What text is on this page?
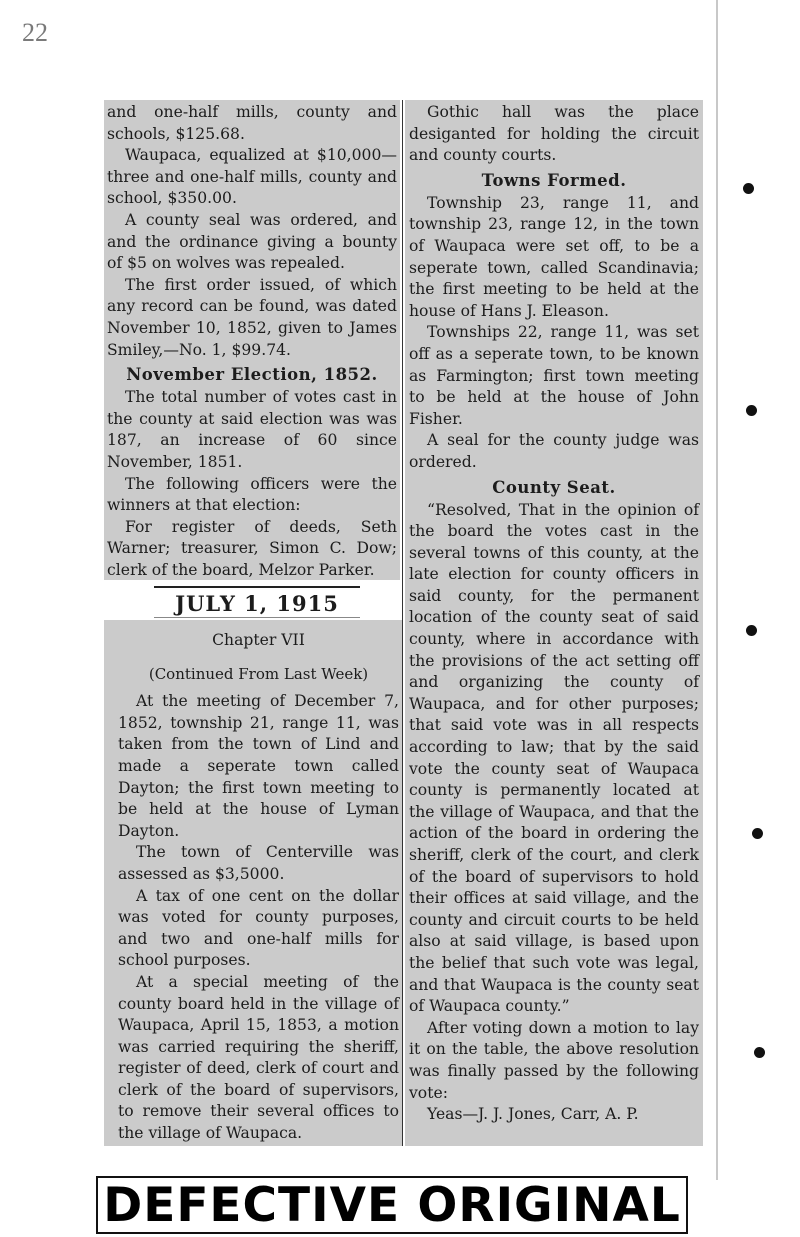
22

and one-half mills, county and schools, $125.68.

Waupaca, equalized at $10,000—three and one-half mills, county and school, $350.00.

A county seal was ordered, and and the ordinance giving a bounty of $5 on wolves was repealed.

The first order issued, of which any record can be found, was dated November 10, 1852, given to James Smiley,—No. 1, $99.74.

November Election, 1852.

The total number of votes cast in the county at said election was was 187, an increase of 60 since November, 1851.

The following officers were the winners at that election:

For register of deeds, Seth Warner; treasurer, Simon C. Dow; clerk of the board, Melzor Parker.

JULY 1, 1915

Chapter VII

(Continued From Last Week)

At the meeting of December 7, 1852, township 21, range 11, was taken from the town of Lind and made a seperate town called Dayton; the first town meeting to be held at the house of Lyman Dayton.

The town of Centerville was assessed as $3,5000.

A tax of one cent on the dollar was voted for county purposes, and two and one-half mills for school purposes.

At a special meeting of the county board held in the village of Waupaca, April 15, 1853, a motion was carried requiring the sheriff, register of deed, clerk of court and clerk of the board of supervisors, to remove their several offices to the village of Waupaca.

Gothic hall was the place desiganted for holding the circuit and county courts.

Towns Formed.

Township 23, range 11, and township 23, range 12, in the town of Waupaca were set off, to be a seperate town, called Scandinavia; the first meeting to be held at the house of Hans J. Eleason.

Townships 22, range 11, was set off as a seperate town, to be known as Farmington; first town meeting to be held at the house of John Fisher.

A seal for the county judge was ordered.

County Seat.

“Resolved, That in the opinion of the board the votes cast in the several towns of this county, at the late election for county officers in said county, for the permanent location of the county seat of said county, where in accordance with the provisions of the act setting off and organizing the county of Waupaca, and for other purposes; that said vote was in all respects according to law; that by the said vote the county seat of Waupaca county is permanently located at the village of Waupaca, and that the action of the board in ordering the sheriff, clerk of the court, and clerk of the board of supervisors to hold their offices at said village, and the county and circuit courts to be held also at said village, is based upon the belief that such vote was legal, and that Waupaca is the county seat of Waupaca county.”

After voting down a motion to lay it on the table, the above resolution was finally passed by the following vote:

Yeas—J. J. Jones, Carr, A. P.

DEFECTIVE ORIGINAL
